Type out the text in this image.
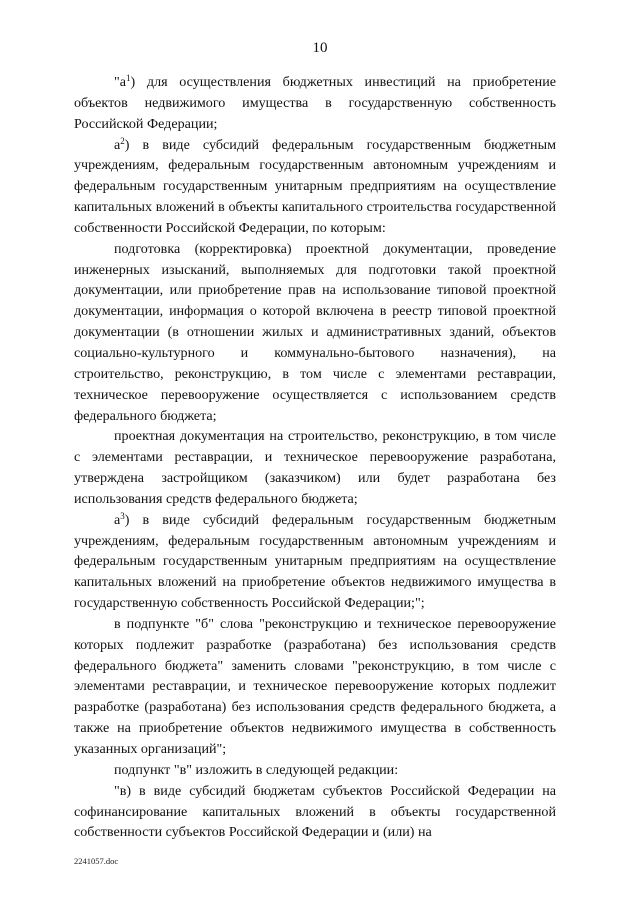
10

"$а^1$) для осуществления бюджетных инвестиций на приобретение объектов недвижимого имущества в государственную собственность Российской Федерации;

$а^2$) в виде субсидий федеральным государственным бюджетным учреждениям, федеральным государственным автономным учреждениям и федеральным государственным унитарным предприятиям на осуществление капитальных вложений в объекты капитального строительства государственной собственности Российской Федерации, по которым:

подготовка (корректировка) проектной документации, проведение инженерных изысканий, выполняемых для подготовки такой проектной документации, или приобретение прав на использование типовой проектной документации, информация о которой включена в реестр типовой проектной документации (в отношении жилых и административных зданий, объектов социально-культурного и коммунально-бытового назначения), на строительство, реконструкцию, в том числе с элементами реставрации, техническое перевооружение осуществляется с использованием средств федерального бюджета;

проектная документация на строительство, реконструкцию, в том числе с элементами реставрации, и техническое перевооружение разработана, утверждена застройщиком (заказчиком) или будет разработана без использования средств федерального бюджета;

$а^3$) в виде субсидий федеральным государственным бюджетным учреждениям, федеральным государственным автономным учреждениям и федеральным государственным унитарным предприятиям на осуществление капитальных вложений на приобретение объектов недвижимого имущества в государственную собственность Российской Федерации;";

в подпункте "б" слова "реконструкцию и техническое перевооружение которых подлежит разработке (разработана) без использования средств федерального бюджета" заменить словами "реконструкцию, в том числе с элементами реставрации, и техническое перевооружение которых подлежит разработке (разработана) без использования средств федерального бюджета, а также на приобретение объектов недвижимого имущества в собственность указанных организаций";

подпункт "в" изложить в следующей редакции:

"в) в виде субсидий бюджетам субъектов Российской Федерации на софинансирование капитальных вложений в объекты государственной собственности субъектов Российской Федерации и (или) на

2241057.doc
